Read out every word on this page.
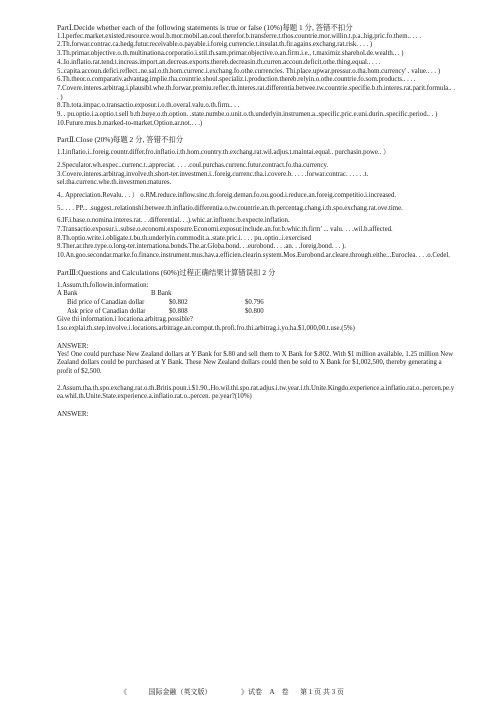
PartⅠ.Decide whether each of the following statements is true or false (10%)每题 1 分, 答错不扣分

1.I.perfec.market.existed.resource.woul.b.mor.mobil.an.coul.therefor.b.transferre.t.thos.countrie.mor.willin.t.p.a..hig.pric.fo.them.. . . .

2.Th.forwar.contrac.ca.hedg.futur.receivable.o.payable.i.foreig.currencie.t.insulat.th.fir.agains.exchang.rat.risk. . . . )

3.Th.primar.objective.o.th.multinationa.corporatio.i.stil.th.sam.primar.objective.o.an.firm.i.e., t.maximiz.sharehol.de.wealth.. . )

4..Io.inflatio.rat.tend.t.increas.import.an.decreas.exports.thereb.decreasin.th.curren.accoun.deficit.othe.thing.equal.. . . .

5..capita.accoun.defici.reflect..ne.sal.o.th.hom.currenc.i.exchang.fo.othe.currencies. Thi.place.upwar.pressur.o.tha.hom.currency' . value.. . . )

6.Th.theor.o.comparativ.advantag.implie.tha.countrie.shoul.specializ.i.production.thereb.relyin.o.othe.countrie.fo.som.products.. . . .

7.Covere.interes.arbitrag.i.plausibl.whe.th.forwar.premiu.reflec.th.interes.rat.differentia.betwee.tw.countrie.specifie.b.th.interes.rat.parit.formula.. . . )

8.Th.tota.impac.o.transactio.exposur.i.o.th.overal.valu.o.th.firm.. . .

9. . pu.optio.i.a.optio.t.sell b.th.buye.o.th.option. .state.numbe.o.unit.o.th.underlyin.instrumen.a..specific.pric.e.uni.durin..specific.period.. . )

10.Future.mus.b.marked-to-market.Option.ar.not.. . .)

PartⅡ.Close (20%)每题 2 分, 答错不扣分

1.I.inflatio.i..foreig.countr.differ.fro.inflatio.i.th.hom.country.th.exchang.rat.wil.adjus.t.maintai.equal.. purchasin.powe.. ）

2.Speculator.wh.expec..currenc.t..appreciat. . . . .coul.purchas.currenc.futur.contract.fo.tha.currency.

3.Covere.interes.arbitrag.involve.th.short-ter.investmen.i..foreig.currenc.tha.i.covere.b. . . . .forwar.contrac. . . . . .t. sel.tha.currenc.whe.th.investmen.matures.

4.. Appreciation.Revalu. . . ） o.RM.reduce.inflow.sinc.th.foreig.deman.fo.ou.good.i.reduce.an.foreig.competitio.i.increased.

5.. . . . PP... .suggest..relationshi.betwee.th.inflatio.differentia.o.tw.countrie.an.th.percentag.chang.i.th.spo.exchang.rat.ove.time.

6.IF.i.base.o.nomina.interes.rat. . .differential. . .).whic.ar.influenc.b.expecte.inflation.

7.Transactio.exposur.i..subse.o.economi.exposure.Economi.exposur.include.an.for.b.whic.th.firm' ... valu. . . .wil.b.affected.

8.Th.optio.write.i.obligate.t.bu.th.underlyin.commodit.a..state.pric.i. . . . pu..optio..i.exercised

9.Ther.ar.thre.type.o.long-ter.internationa.bonds.The.ar.Globa.bond. . .eurobond. . . .an. . .foreig.bond. . . ).

10.An.goo.secondar.marke.fo.finance.instrument.mus.hav.a.efficien.clearin.system.Mos.Eurobond.ar.cleare.through.eithe...Euroclea. . . .o.Cedel.

PartⅢ:Questions and Calculations (60%)过程正确结果计算错误扣 2 分

1.Assum.th.followin.information:

A Bank	B Bank	
Bid price of Canadian dollar	$0.802	$0.796
Ask price of Canadian dollar	$0.808	$0.800

Give thi information.i locationa.arbitrag.possible? I.so.explai.th.step.involve.i.locations.arbitrage.an.comput.th.profi.fro.thi.arbitrag.i.yo.ha.$1,000,00.t.use.(5%)

ANSWER:

Yes! One could purchase New Zealand dollars at Y Bank for $.80 and sell them to X Bank for $.802. With $1 million available, 1.25 million New Zealand dollars could be purchased at Y Bank. These New Zealand dollars could then be sold to X Bank for $1,002,500, thereby generating a profit of $2,500.

2.Assum.tha.th.spo.exchang.rat.o.th.Britis.poun.i.$1.90..Ho.wil.thi.spo.rat.adjus.i.tw.year.i.th.Unite.Kingdo.experience.a.inflatio.rat.o..percen.pe.yea.whil.th.Unite.State.experience.a.inflatio.rat.o..percen. pe.year?(10%)

ANSWER:

《	国际金融（英文版）	》试卷 A 卷 第 1 页 共 3 页
